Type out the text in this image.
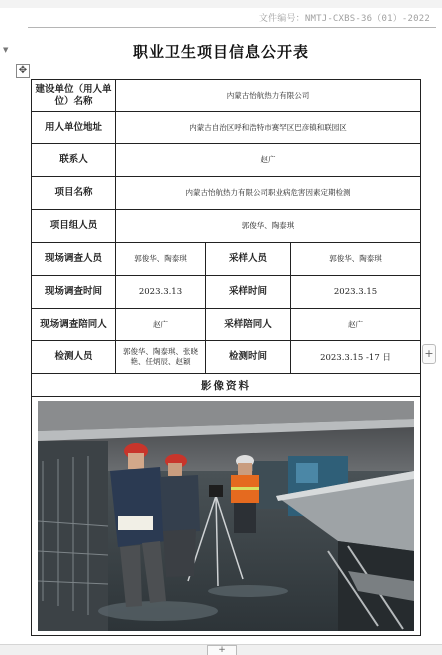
文件编号：NMTJ-CXBS-36（01）-2022
▼	职业卫生项目信息公开表
✥
建设单位（用人单位）名称	内蒙古怡航热力有限公司		
用人单位地址	内蒙古自治区呼和浩特市赛罕区巴彦镇和联园区		
联系人	赵广		
项目名称	内蒙古怡航热力有限公司职业病危害因素定期检测		
项目组人员	郭俊华、陶泰琪		
现场调查人员	郭俊华、陶泰琪	采样人员	郭俊华、陶泰琪
现场调查时间	2023.3.13	采样时间	2023.3.15
现场调查陪同人	赵广	采样陪同人	赵广
检测人员	郭俊华、陶泰琪、张晓艳、任炳辰、赵颖	检测时间	2023.3.15 -17 日
影像资料			

+
+
